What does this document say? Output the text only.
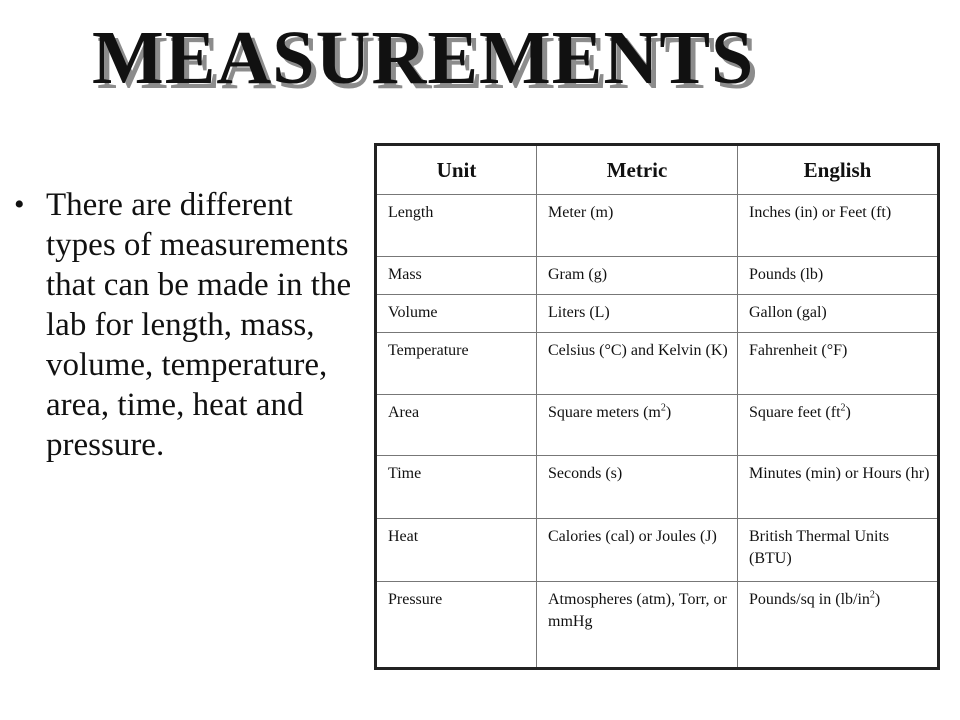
MEASUREMENTS
• There are different types of measurements that can be made in the lab for length, mass, volume, temperature, area, time, heat and pressure.
Unit	Metric	English
Length	Meter (m)	Inches (in) or Feet (ft)
Mass	Gram (g)	Pounds (lb)
Volume	Liters (L)	Gallon (gal)
Temperature	Celsius (°C) and Kelvin (K)	Fahrenheit (°F)
Area	Square meters $(m^2)$	Square feet $(ft^2)$
Time	Seconds (s)	Minutes (min) or Hours (hr)
Heat	Calories (cal) or Joules (J)	British Thermal Units (BTU)
Pressure	Atmospheres (atm), Torr, or mmHg	Pounds/sq in $(lb/in^2)$
